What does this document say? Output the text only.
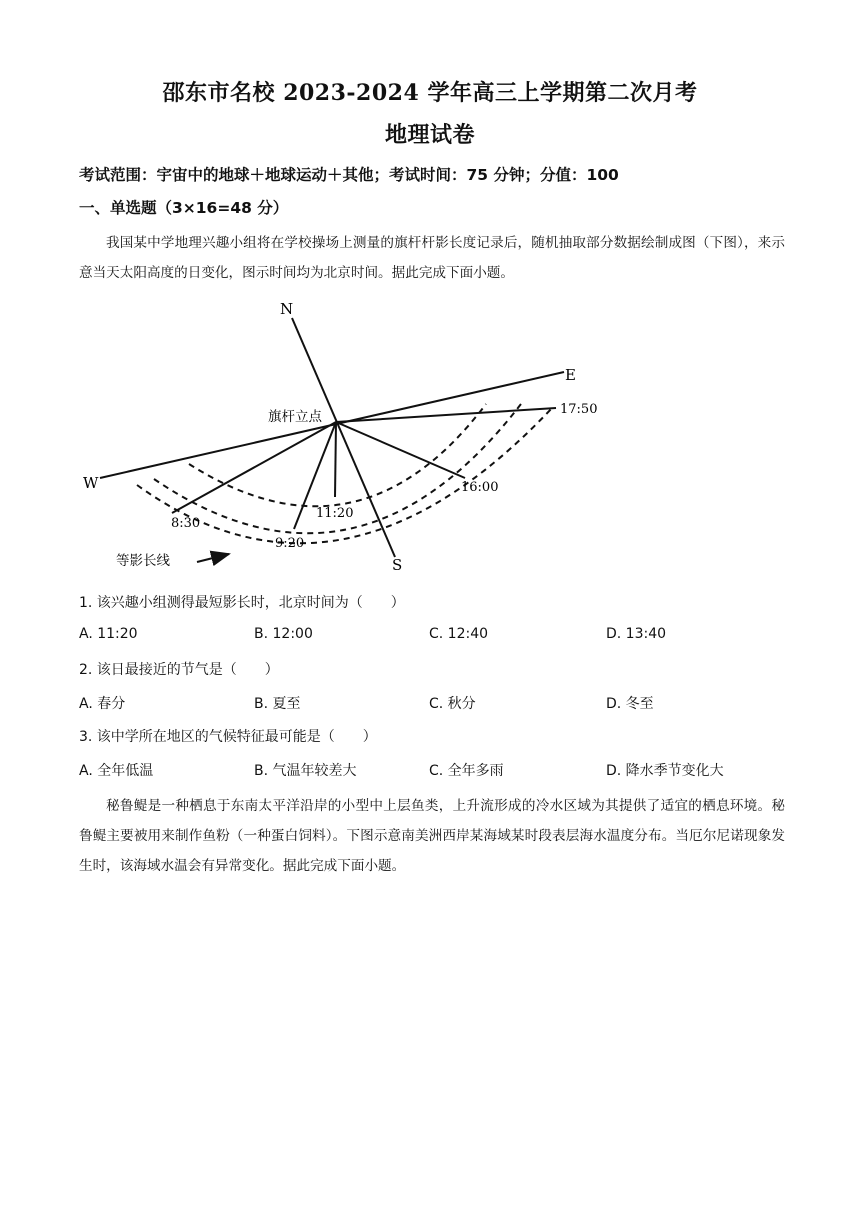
邵东市名校 2023-2024 学年高三上学期第二次月考
地理试卷
考试范围：宇宙中的地球＋地球运动＋其他；考试时间：75 分钟；分值：100
一、单选题（3×16=48 分）
我国某中学地理兴趣小组将在学校操场上测量的旗杆杆影长度记录后，随机抽取部分数据绘制成图（下图），来示意当天太阳高度的日变化，图示时间均为北京时间。据此完成下面小题。
N
E
S
W
旗杆立点	17:50
16:00
11:20
9:20
8:30
等影长线
1. 该兴趣小组测得最短影长时，北京时间为（　　）
A. 11:20	B. 12:00	C. 12:40	D. 13:40
2. 该日最接近的节气是（　　）
A. 春分	B. 夏至	C. 秋分	D. 冬至
3. 该中学所在地区的气候特征最可能是（　　）
A. 全年低温	B. 气温年较差大	C. 全年多雨	D. 降水季节变化大
秘鲁鳀是一种栖息于东南太平洋沿岸的小型中上层鱼类，上升流形成的冷水区域为其提供了适宜的栖息环境。秘鲁鳀主要被用来制作鱼粉（一种蛋白饲料）。下图示意南美洲西岸某海域某时段表层海水温度分布。当厄尔尼诺现象发生时，该海域水温会有异常变化。据此完成下面小题。
